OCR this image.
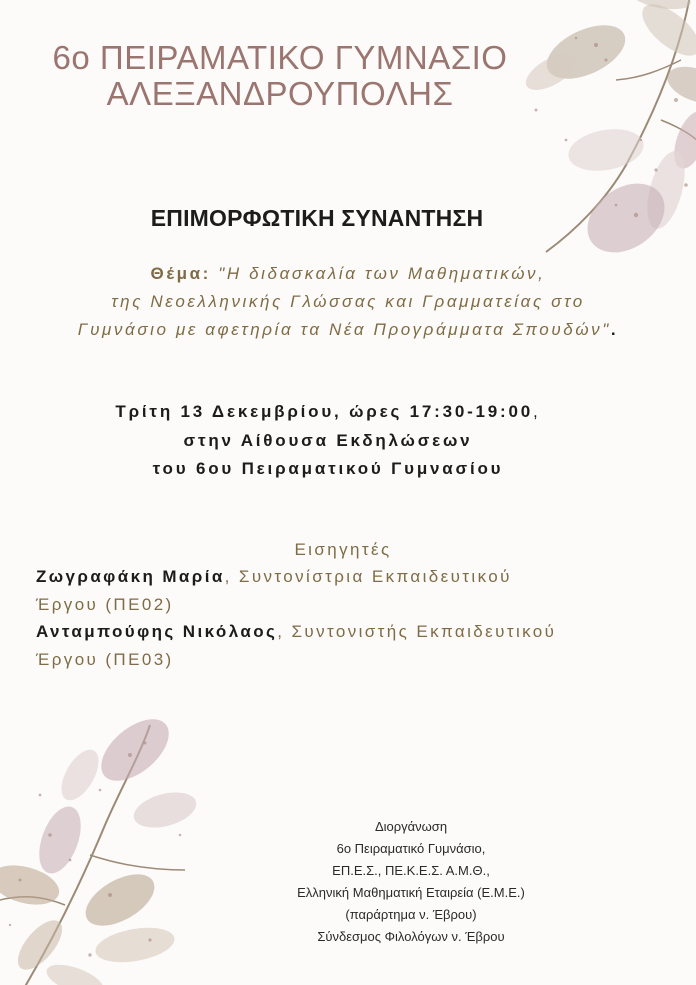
6ο ΠΕΙΡΑΜΑΤΙΚΟ ΓΥΜΝΑΣΙΟ
ΑΛΕΞΑΝΔΡΟΥΠΟΛΗΣ
ΕΠΙΜΟΡΦΩΤΙΚΗ ΣΥΝΑΝΤΗΣΗ
Θέμα: "Η διδασκαλία των Μαθηματικών,
της Νεοελληνικής Γλώσσας και Γραμματείας στο
Γυμνάσιο με αφετηρία τα Νέα Προγράμματα Σπουδών".
Τρίτη 13 Δεκεμβρίου, ώρες 17:30-19:00,
στην Αίθουσα Εκδηλώσεων
του 6ου Πειραματικού Γυμνασίου
Εισηγητές
Ζωγραφάκη Μαρία, Συντονίστρια Εκπαιδευτικού
Έργου (ΠΕ02)
Ανταμπούφης Νικόλαος, Συντονιστής Εκπαιδευτικού
Έργου (ΠΕ03)
Διοργάνωση
6ο Πειραματικό Γυμνάσιο,
ΕΠ.Ε.Σ., ΠΕ.Κ.Ε.Σ. Α.Μ.Θ.,
Ελληνική Μαθηματική Εταιρεία (Ε.Μ.Ε.)
(παράρτημα ν. Έβρου)
Σύνδεσμος Φιλολόγων ν. Έβρου
